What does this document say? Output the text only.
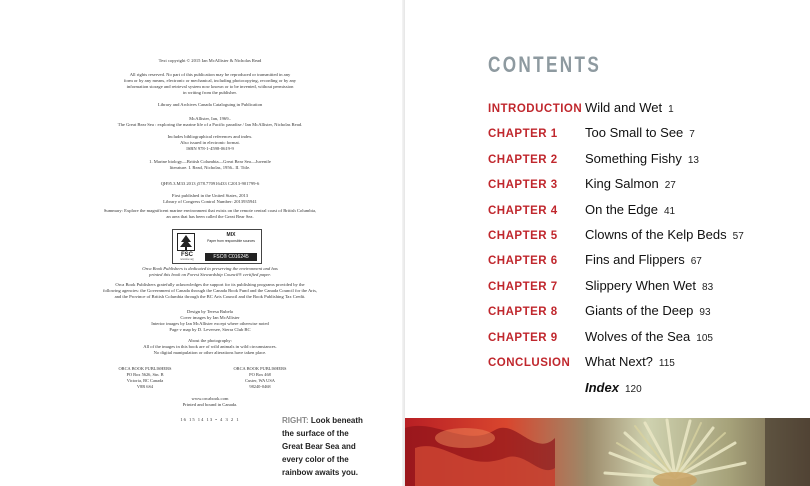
Text copyright © 2015 Ian McAllister & Nicholas Read

All rights reserved. No part of this publication may be reproduced or transmitted in any

form or by any means, electronic or mechanical, including photocopying, recording or by any

information storage and retrieval system now known or to be invented, without permission

in writing from the publisher.

Library and Archives Canada Cataloguing in Publication

McAllister, Ian, 1969–

The Great Bear Sea : exploring the marine life of a Pacific paradise / Ian McAllister, Nicholas Read.

Includes bibliographical references and index.

Also issued in electronic format.

ISBN 978-1-4598-0619-9

1. Marine biology—British Columbia—Great Bear Sea—Juvenile

literature. I. Read, Nicholas, 1956– II. Title.

QH95.3.M33 2013 j578.770916433 C2013-901799-6

First published in the United States, 2013

Library of Congress Control Number: 2013935941

Summary: Explore the magnificent marine environment that exists on the remote central coast of British Columbia,

an area that has been called the Great Bear Sea.

FSC
www.fsc.org
MIX
Paper from responsible sources
FSC® C016245

Orca Book Publishers is dedicated to preserving the environment and has

printed this book on Forest Stewardship Council® certified paper.

Orca Book Publishers gratefully acknowledges the support for its publishing programs provided by the

following agencies: the Government of Canada through the Canada Book Fund and the Canada Council for the Arts,

and the Province of British Columbia through the BC Arts Council and the Book Publishing Tax Credit.

Design by Teresa Bubela

Cover images by Ian McAllister

Interior images by Ian McAllister except where otherwise noted

Page v map by D. Leversee, Sierra Club BC

About the photography:

All of the images in this book are of wild animals in wild circumstances.

No digital manipulation or other alterations have taken place.

ORCA BOOK PUBLISHERS

PO Box 5626, Stn. B

Victoria, BC Canada

V8R 6S4

ORCA BOOK PUBLISHERS

PO Box 468

Custer, WA USA

98240-0468

www.orcabook.com

Printed and bound in Canada.

16 15 14 13 • 4 3 2 1	RIGHT: Look beneath the surface of the Great Bear Sea and every color of the rainbow awaits you.
CONTENTS
INTRODUCTION Wild and Wet 1
CHAPTER 1 Too Small to See 7
CHAPTER 2 Something Fishy 13
CHAPTER 3 King Salmon 27
CHAPTER 4 On the Edge 41
CHAPTER 5 Clowns of the Kelp Beds 57
CHAPTER 6 Fins and Flippers 67
CHAPTER 7 Slippery When Wet 83
CHAPTER 8 Giants of the Deep 93
CHAPTER 9 Wolves of the Sea 105
CONCLUSION What Next? 115
Index 120
